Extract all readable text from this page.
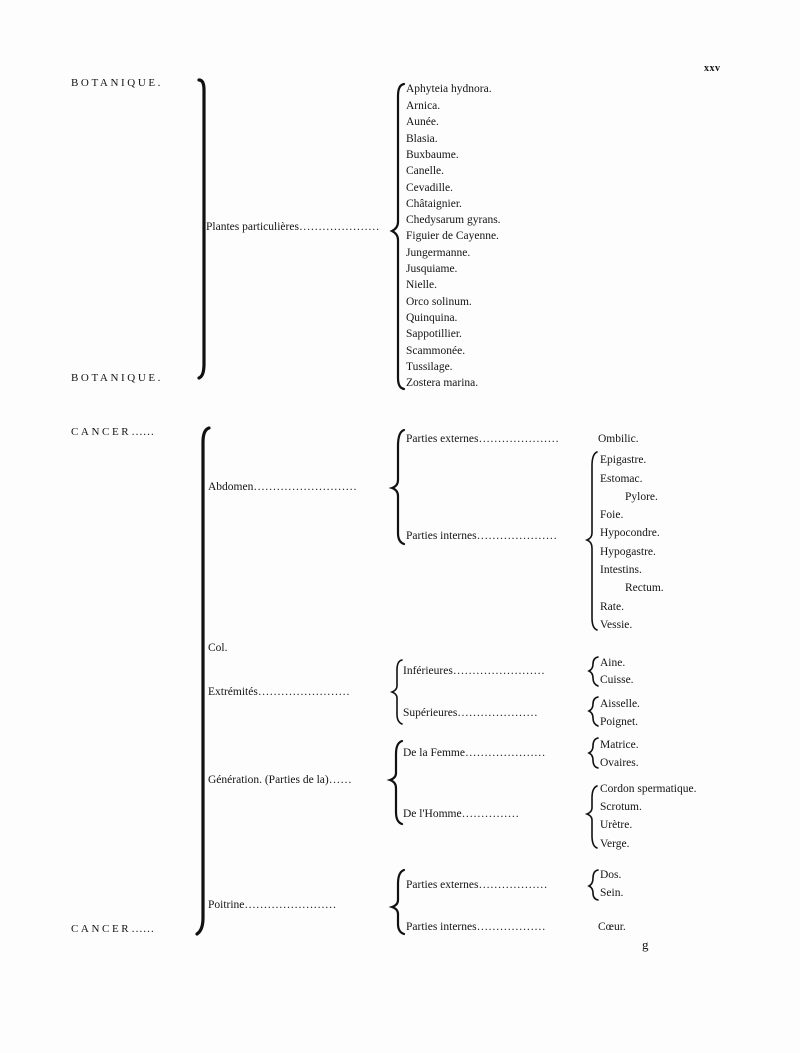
xxv
BOTANIQUE.
BOTANIQUE.
Plantes particulières…………………
Aphyteia hydnora.
Arnica.
Aunée.
Blasia.
Buxbaume.
Canelle.
Cevadille.
Châtaignier.
Chedysarum gyrans.
Figuier de Cayenne.
Jungermanne.
Jusquiame.
Nielle.
Orco solinum.
Quinquina.
Sappotillier.
Scammonée.
Tussilage.
Zostera marina.
CANCER……
CANCER……
Abdomen………………………
Parties externes…………………	Ombilic.
Parties internes…………………
Epigastre.
Estomac.
Pylore.
Foie.
Hypocondre.
Hypogastre.
Intestins.
Rectum.
Rate.
Vessie.
Col.
Extrémités……………………
Inférieures……………………
Aine.
Cuisse.
Supérieures…………………
Aisselle.
Poignet.
Génération. (Parties de la)……
De la Femme…………………
Matrice.
Ovaires.
De l'Homme……………
Cordon spermatique.
Scrotum.
Urètre.
Verge.
Poitrine……………………
Parties externes………………
Dos.
Sein.
Parties internes………………	Cœur.
g
